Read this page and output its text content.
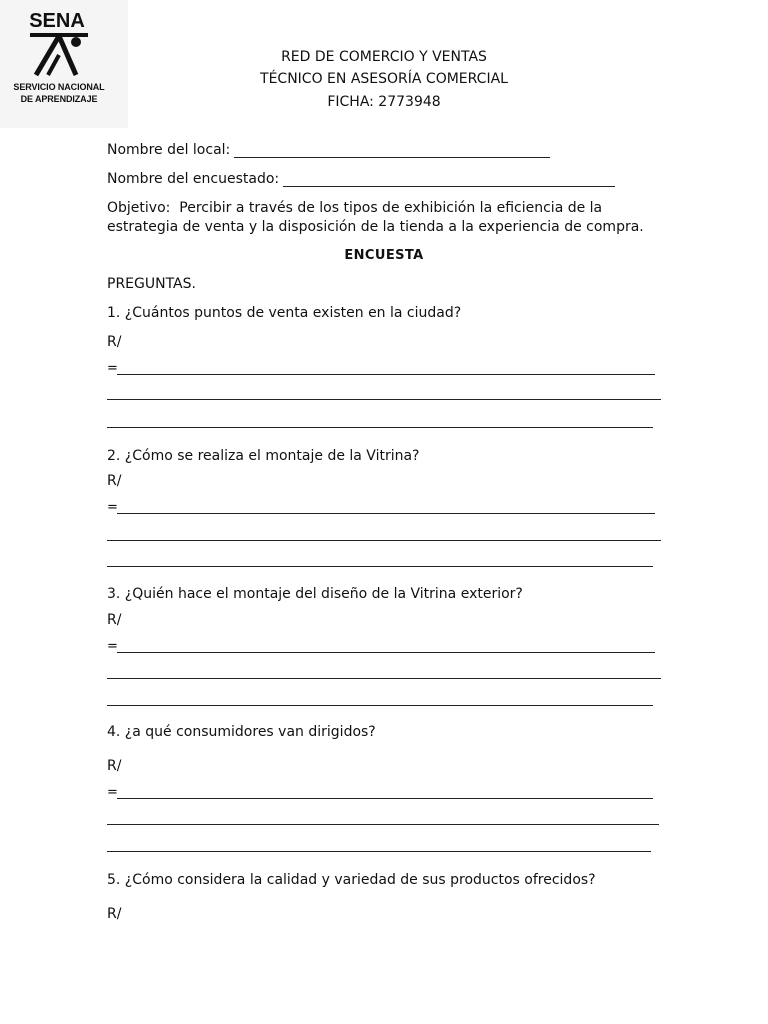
SENA
SERVICIO NACIONAL
DE APRENDIZAJE
RED DE COMERCIO Y VENTAS
TÉCNICO EN ASESORÍA COMERCIAL
FICHA: 2773948
Nombre del local:
Nombre del encuestado:
Objetivo: Percibir a través de los tipos de exhibición la eficiencia de la estrategia de venta y la disposición de la tienda a la experiencia de compra.
ENCUESTA
PREGUNTAS.
1. ¿Cuántos puntos de venta existen en la ciudad?
R/
=
2. ¿Cómo se realiza el montaje de la Vitrina?
R/
=
3. ¿Quién hace el montaje del diseño de la Vitrina exterior?
R/
=
4. ¿a qué consumidores van dirigidos?
R/
=
5. ¿Cómo considera la calidad y variedad de sus productos ofrecidos?
R/
